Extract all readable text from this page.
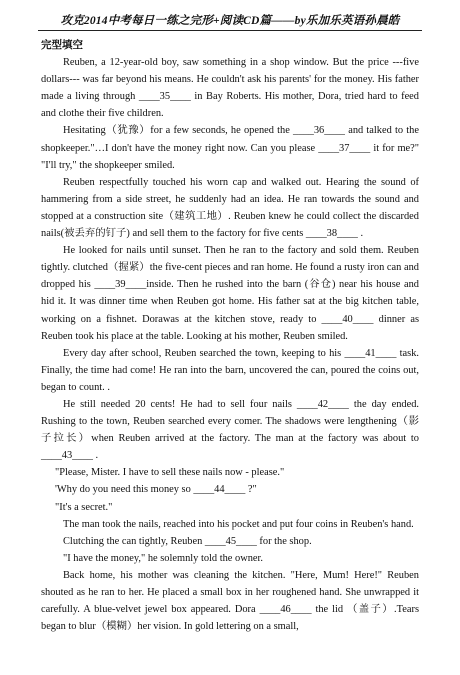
攻克2014中考每日一练之完形+阅读CD篇——by乐加乐英语孙晨皓

完型填空

Reuben, a 12-year-old boy, saw something in a shop window. But the price ---five dollars--- was far beyond his means. He couldn't ask his parents' for the money. His father made a living through ____35____ in Bay Roberts. His mother, Dora, tried hard to feed and clothe their five children.

Hesitating（犹豫）for a few seconds, he opened the ____36____ and talked to the shopkeeper."…I don't have the money right now. Can you please ____37____ it for me?" "I'll try," the shopkeeper smiled.

Reuben respectfully touched his worn cap and walked out. Hearing the sound of hammering from a side street, he suddenly had an idea. He ran towards the sound and stopped at a construction site（建筑工地）. Reuben knew he could collect the discarded nails(被丢弃的钉子) and sell them to the factory for five cents ____38____ .

He looked for nails until sunset. Then he ran to the factory and sold them. Reuben tightly. clutched（握紧）the five-cent pieces and ran home. He found a rusty iron can and dropped his ____39____inside. Then he rushed into the barn (谷仓) near his house and hid it. It was dinner time when Reuben got home. His father sat at the big kitchen table, working on a fishnet. Dorawas at the kitchen stove, ready to ____40____ dinner as Reuben took his place at the table. Looking at his mother, Reuben smiled.

Every day after school, Reuben searched the town, keeping to his ____41____ task. Finally, the time had come! He ran into the barn, uncovered the can, poured the coins out, began to count. .

He still needed 20 cents! He had to sell four nails ____42____ the day ended. Rushing to the town, Reuben searched every comer. The shadows were lengthening（影子拉长）when Reuben arrived at the factory. The man at the factory was about to ____43____ .

"Please, Mister. I have to sell these nails now - please."

'Why do you need this money so ____44____ ?"

"It's a secret."

The man took the nails, reached into his pocket and put four coins in Reuben's hand.

Clutching the can tightly, Reuben ____45____ for the shop.

"I have the money," he solemnly told the owner.

Back home, his mother was cleaning the kitchen. "Here, Mum! Here!" Reuben shouted as he ran to her. He placed a small box in her roughened hand. She unwrapped it carefully. A blue-velvet jewel box appeared. Dora ____46____ the lid （盖子）.Tears began to blur（模糊）her vision. In gold lettering on a small,
